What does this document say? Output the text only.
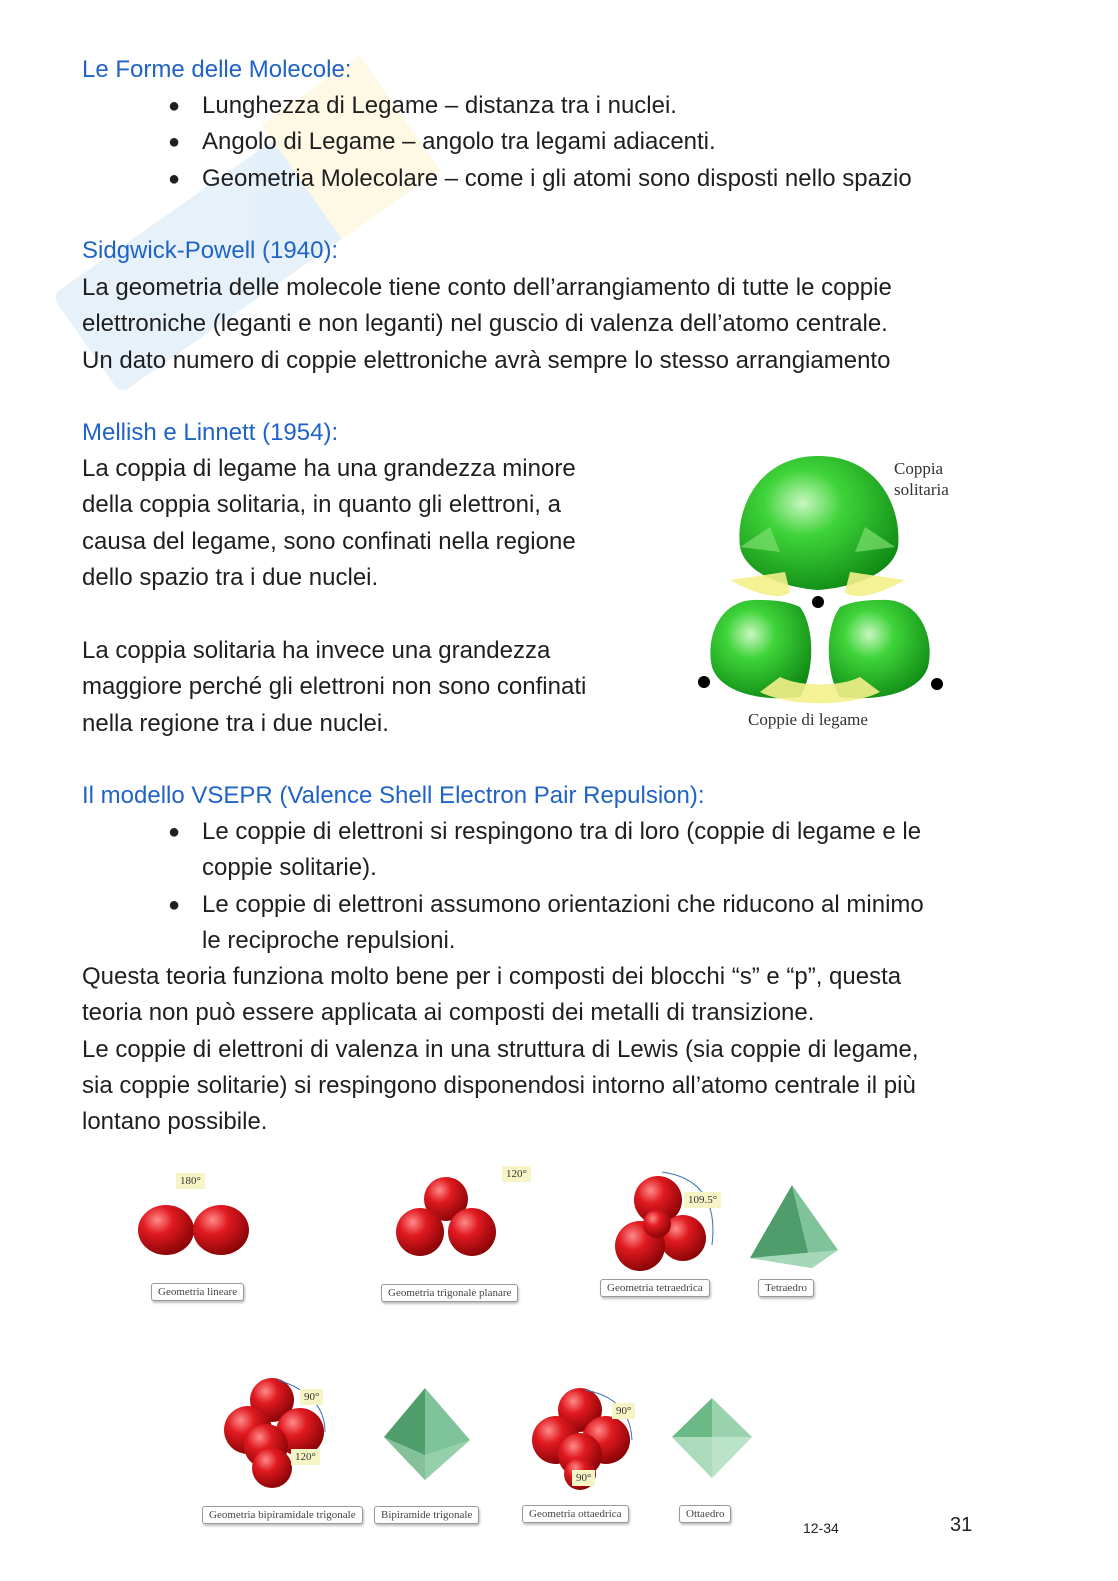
Le Forme delle Molecole:
● Lunghezza di Legame – distanza tra i nuclei.
● Angolo di Legame – angolo tra legami adiacenti.
● Geometria Molecolare – come i gli atomi sono disposti nello spazio
Sidgwick-Powell (1940):
La geometria delle molecole tiene conto dell’arrangiamento di tutte le coppie
elettroniche (leganti e non leganti) nel guscio di valenza dell’atomo centrale.
Un dato numero di coppie elettroniche avrà sempre lo stesso arrangiamento
Mellish e Linnett (1954):
La coppia di legame ha una grandezza minore
della coppia solitaria, in quanto gli elettroni, a
causa del legame, sono confinati nella regione
dello spazio tra i due nuclei.
La coppia solitaria ha invece una grandezza
maggiore perché gli elettroni non sono confinati
nella regione tra i due nuclei.
Coppia
solitaria
Coppie di legame
Il modello VSEPR (Valence Shell Electron Pair Repulsion):
● Le coppie di elettroni si respingono tra di loro (coppie di legame e le
coppie solitarie).
● Le coppie di elettroni assumono orientazioni che riducono al minimo
le reciproche repulsioni.
Questa teoria funziona molto bene per i composti dei blocchi “s” e “p”, questa
teoria non può essere applicata ai composti dei metalli di transizione.
Le coppie di elettroni di valenza in una struttura di Lewis (sia coppie di legame,
sia coppie solitarie) si respingono disponendosi intorno all’atomo centrale il più
lontano possibile.
180°
120°
109.5°
90°
120°
90°
90°
Geometria lineare	Geometria trigonale planare	Geometria tetraedrica	Tetraedro
Geometria bipiramidale trigonale	Bipiramide trigonale	Geometria ottaedrica	Ottaedro
12-34	31
